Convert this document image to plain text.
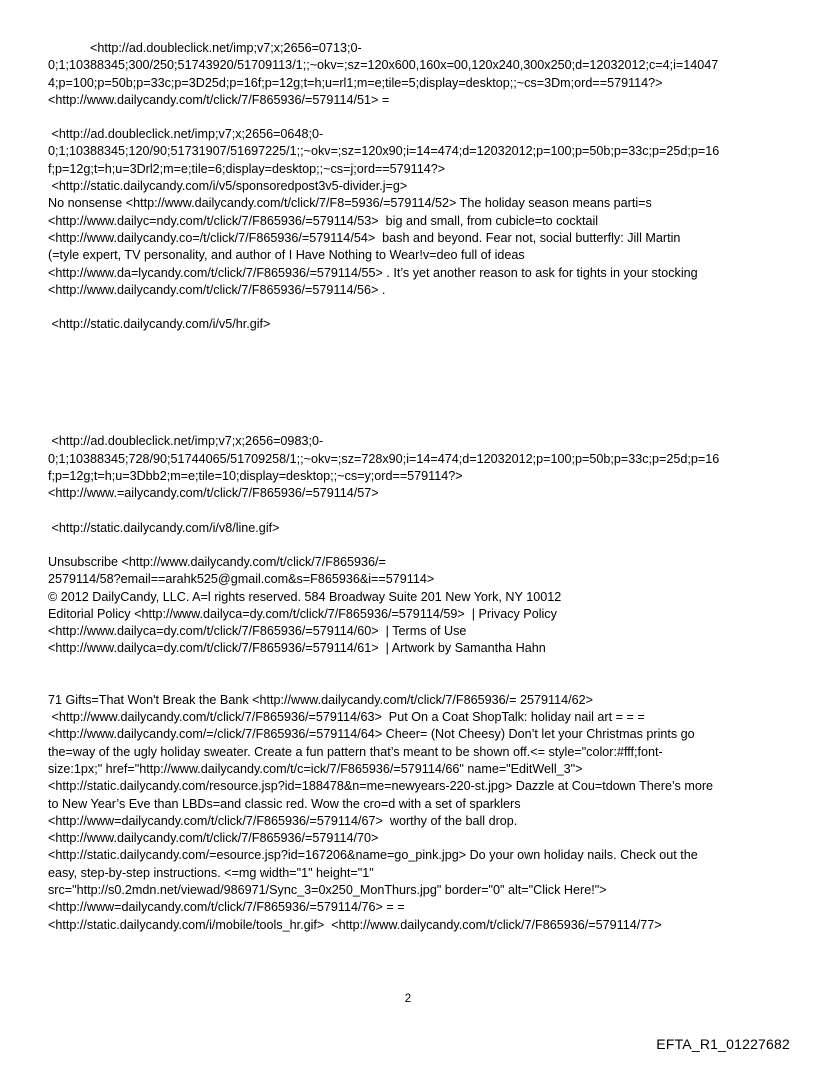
<http://ad.doubleclick.net/imp;v7;x;2656=0713;0-

0;1;10388345;300/250;51743920/51709113/1;;~okv=;sz=120x600,160x=00,120x240,300x250;d=12032012;c=4;i=14047

4;p=100;p=50b;p=33c;p=3D25d;p=16f;p=12g;t=h;u=rl1;m=e;tile=5;display=desktop;;~cs=3Dm;ord==579114?>

<http://www.dailycandy.com/t/click/7/F865936/=579114/51> =

<http://ad.doubleclick.net/imp;v7;x;2656=0648;0-

0;1;10388345;120/90;51731907/51697225/1;;~okv=;sz=120x90;i=14=474;d=12032012;p=100;p=50b;p=33c;p=25d;p=16

f;p=12g;t=h;u=3Drl2;m=e;tile=6;display=desktop;;~cs=j;ord==579114?>

<http://static.dailycandy.com/i/v5/sponsoredpost3v5-divider.j=g>

No nonsense <http://www.dailycandy.com/t/click/7/F8=5936/=579114/52> The holiday season means parti=s

<http://www.dailyc=ndy.com/t/click/7/F865936/=579114/53>  big and small, from cubicle=to cocktail

<http://www.dailycandy.co=/t/click/7/F865936/=579114/54>  bash and beyond. Fear not, social butterfly: Jill Martin

(=tyle expert, TV personality, and author of I Have Nothing to Wear!v=deo full of ideas

<http://www.da=lycandy.com/t/click/7/F865936/=579114/55> . It’s yet another reason to ask for tights in your stocking

<http://www.dailycandy.com/t/click/7/F865936/=579114/56> .

<http://static.dailycandy.com/i/v5/hr.gif>

<http://ad.doubleclick.net/imp;v7;x;2656=0983;0-

0;1;10388345;728/90;51744065/51709258/1;;~okv=;sz=728x90;i=14=474;d=12032012;p=100;p=50b;p=33c;p=25d;p=16

f;p=12g;t=h;u=3Dbb2;m=e;tile=10;display=desktop;;~cs=y;ord==579114?>

<http://www.=ailycandy.com/t/click/7/F865936/=579114/57>

<http://static.dailycandy.com/i/v8/line.gif>

Unsubscribe <http://www.dailycandy.com/t/click/7/F865936/=

2579114/58?email==arahk525@gmail.com&s=F865936&i==579114>

© 2012 DailyCandy, LLC. A=l rights reserved. 584 Broadway Suite 201 New York, NY 10012

Editorial Policy <http://www.dailyca=dy.com/t/click/7/F865936/=579114/59>  | Privacy Policy

<http://www.dailyca=dy.com/t/click/7/F865936/=579114/60>  | Terms of Use

<http://www.dailyca=dy.com/t/click/7/F865936/=579114/61>  | Artwork by Samantha Hahn

71 Gifts=That Won't Break the Bank <http://www.dailycandy.com/t/click/7/F865936/= 2579114/62>

<http://www.dailycandy.com/t/click/7/F865936/=579114/63>  Put On a Coat ShopTalk: holiday nail art = = =

<http://www.dailycandy.com/=/click/7/F865936/=579114/64> Cheer= (Not Cheesy) Don’t let your Christmas prints go

the=way of the ugly holiday sweater. Create a fun pattern that’s meant to be shown off.<= style="color:#fff;font-

size:1px;" href="http://www.dailycandy.com/t/c=ick/7/F865936/=579114/66" name="EditWell_3">

<http://static.dailycandy.com/resource.jsp?id=188478&n=me=newyears-220-st.jpg> Dazzle at Cou=tdown There’s more

to New Year’s Eve than LBDs=and classic red. Wow the cro=d with a set of sparklers

<http://www=dailycandy.com/t/click/7/F865936/=579114/67>  worthy of the ball drop.

<http://www.dailycandy.com/t/click/7/F865936/=579114/70>

<http://static.dailycandy.com/=esource.jsp?id=167206&name=go_pink.jpg> Do your own holiday nails. Check out the

easy, step-by-step instructions. <=mg width="1" height="1"

src="http://s0.2mdn.net/viewad/986971/Sync_3=0x250_MonThurs.jpg" border="0" alt="Click Here!">

<http://www=dailycandy.com/t/click/7/F865936/=579114/76> = =

<http://static.dailycandy.com/i/mobile/tools_hr.gif>  <http://www.dailycandy.com/t/click/7/F865936/=579114/77>

2
EFTA_R1_01227682
